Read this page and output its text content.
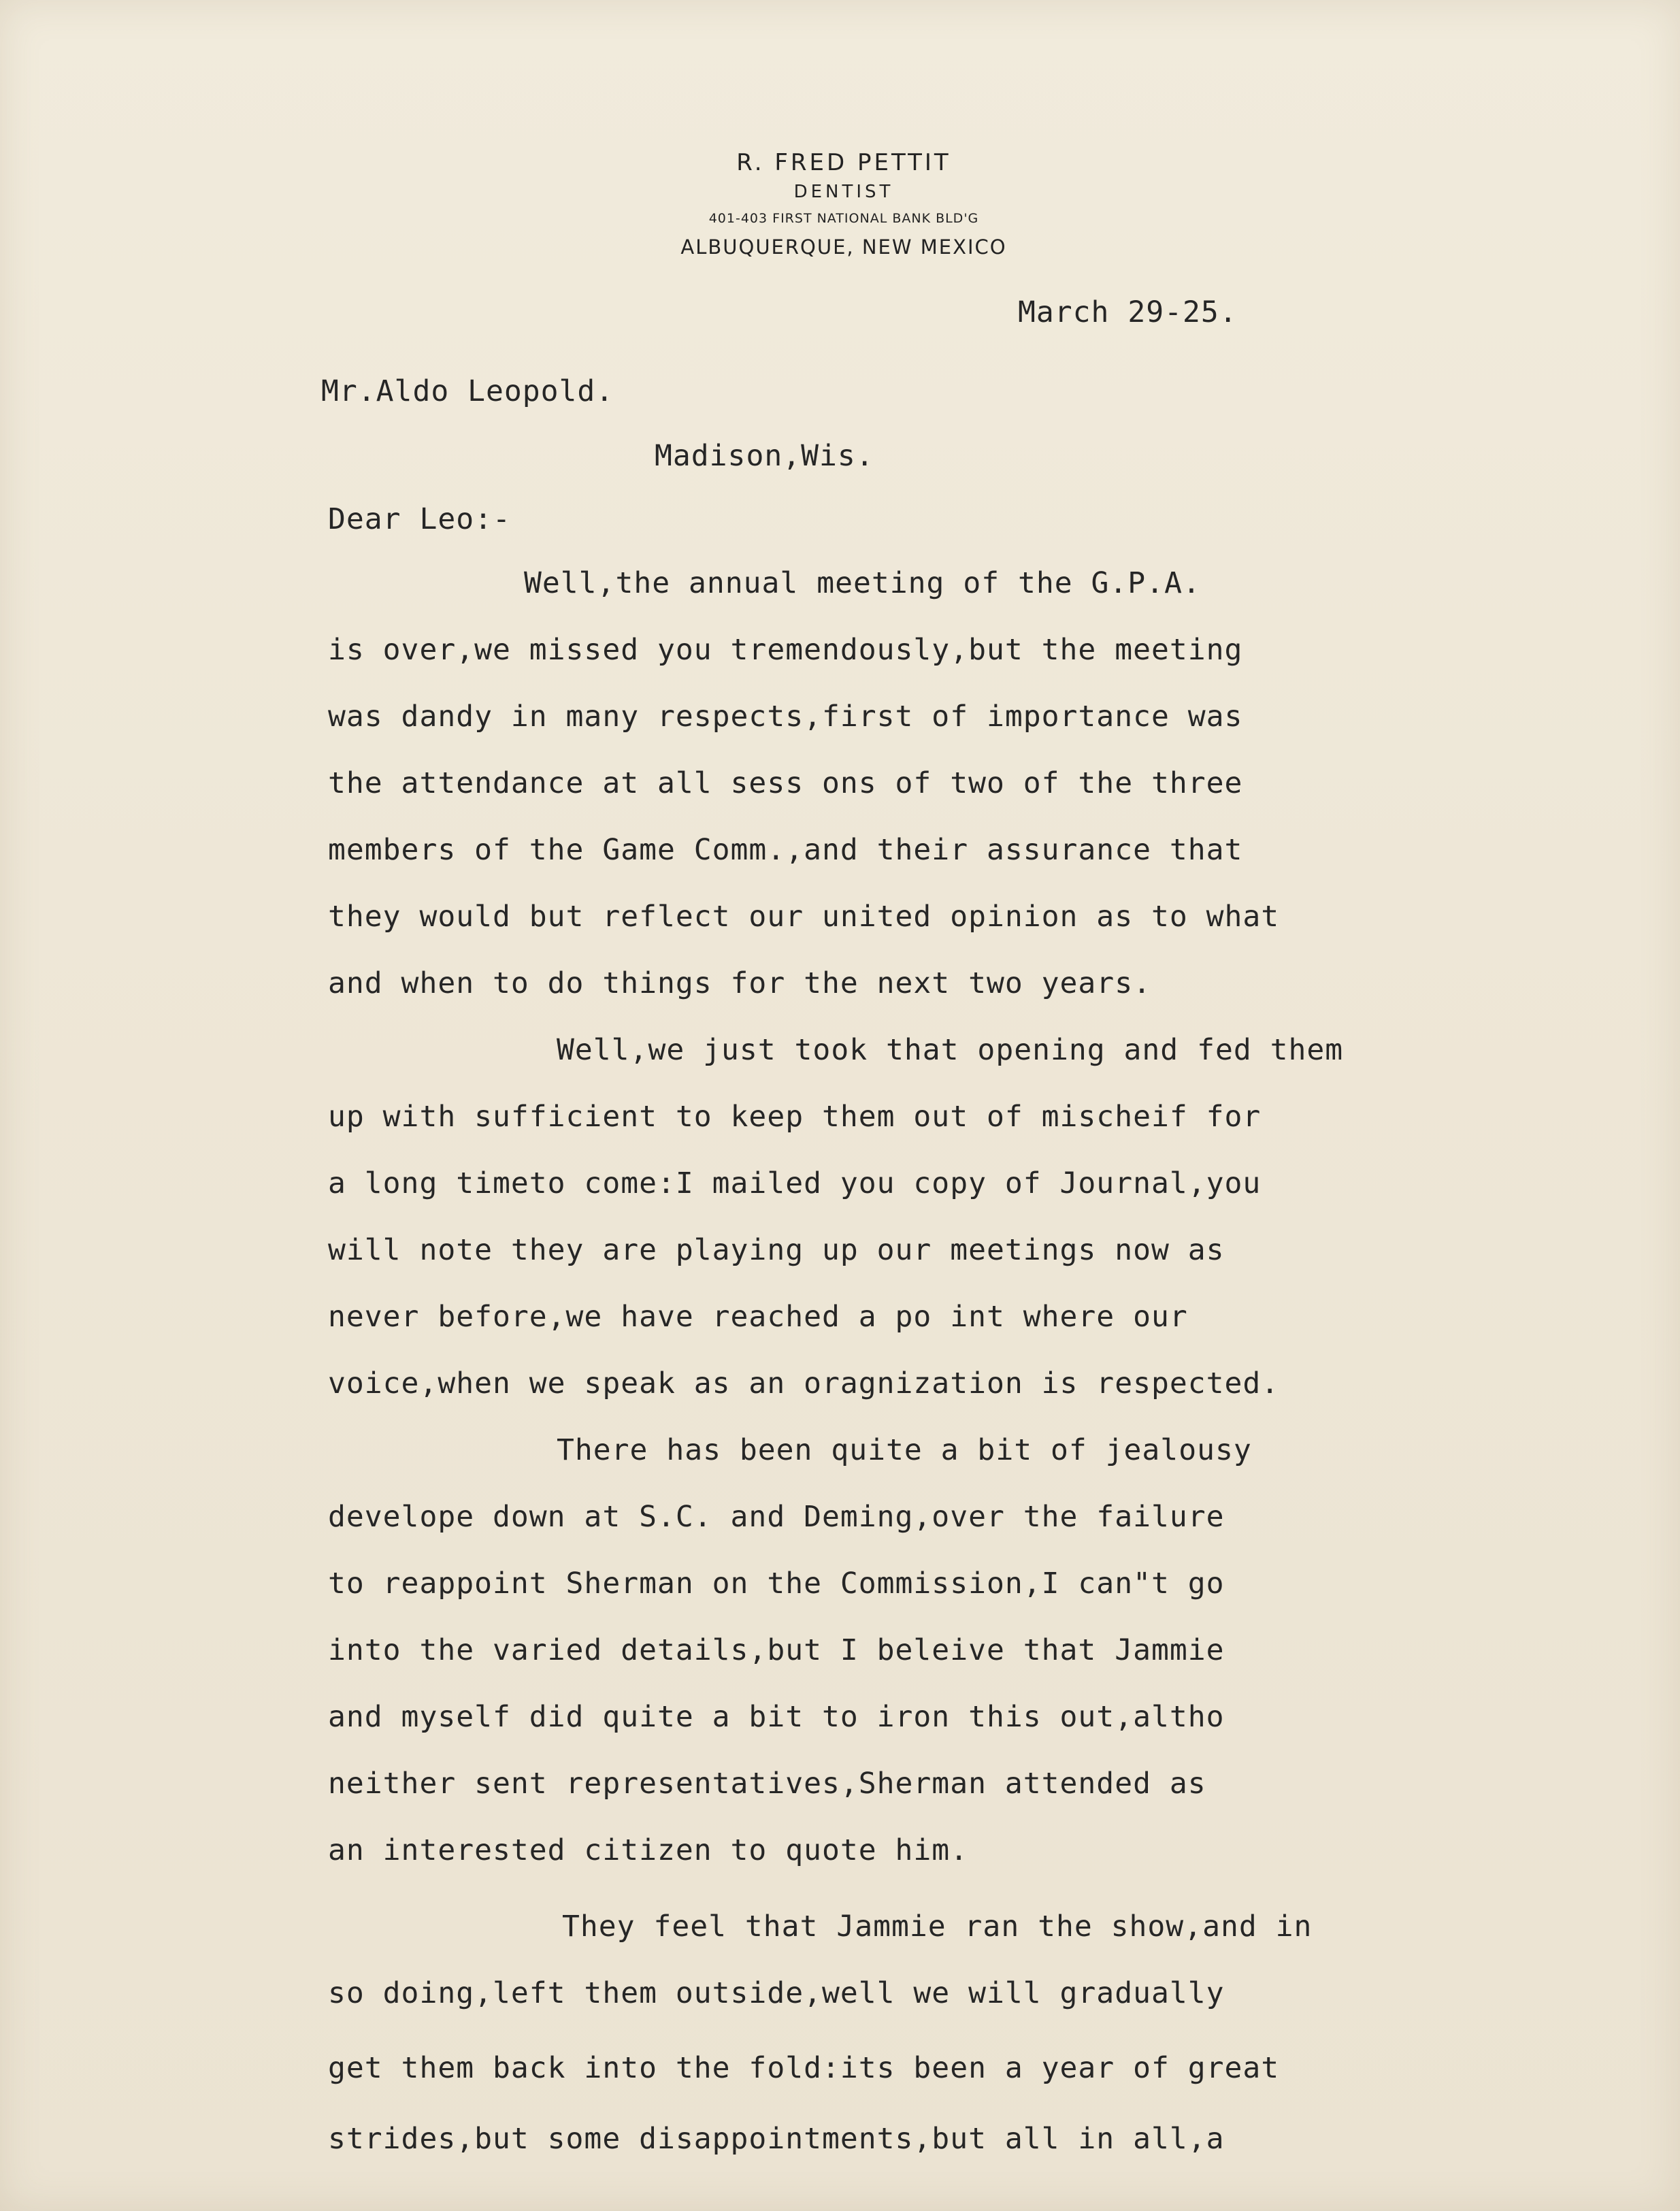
R. FRED PETTIT
DENTIST
401-403 FIRST NATIONAL BANK BLD'G
ALBUQUERQUE, NEW MEXICO
March 29-25.
Mr.Aldo Leopold.
Madison,Wis.
Dear Leo:-
Well,the annual meeting of the G.P.A.
is over,we missed you tremendously,but the meeting
was dandy in many respects,first of importance was
the attendance at all sess ons of two of the three
members of the Game Comm.,and their assurance that
they would but reflect our united opinion as to what
and when to do things for the next two years.
Well,we just took that opening and fed them
up with sufficient to keep them out of mischeif for
a long timeto come:I mailed you copy of Journal,you
will note they are playing up our meetings now as
never before,we have reached a po int where our
voice,when we speak as an oragnization is respected.
There has been quite a bit of jealousy
develope down at S.C. and Deming,over the failure
to reappoint Sherman on the Commission,I can"t go
into the varied details,but I beleive that Jammie
and myself did quite a bit to iron this out,altho
neither sent representatives,Sherman attended as
an interested citizen to quote him.
They feel that Jammie ran the show,and in
so doing,left them outside,well we will gradually
get them back into the fold:its been a year of great
strides,but some disappointments,but all in all,a
